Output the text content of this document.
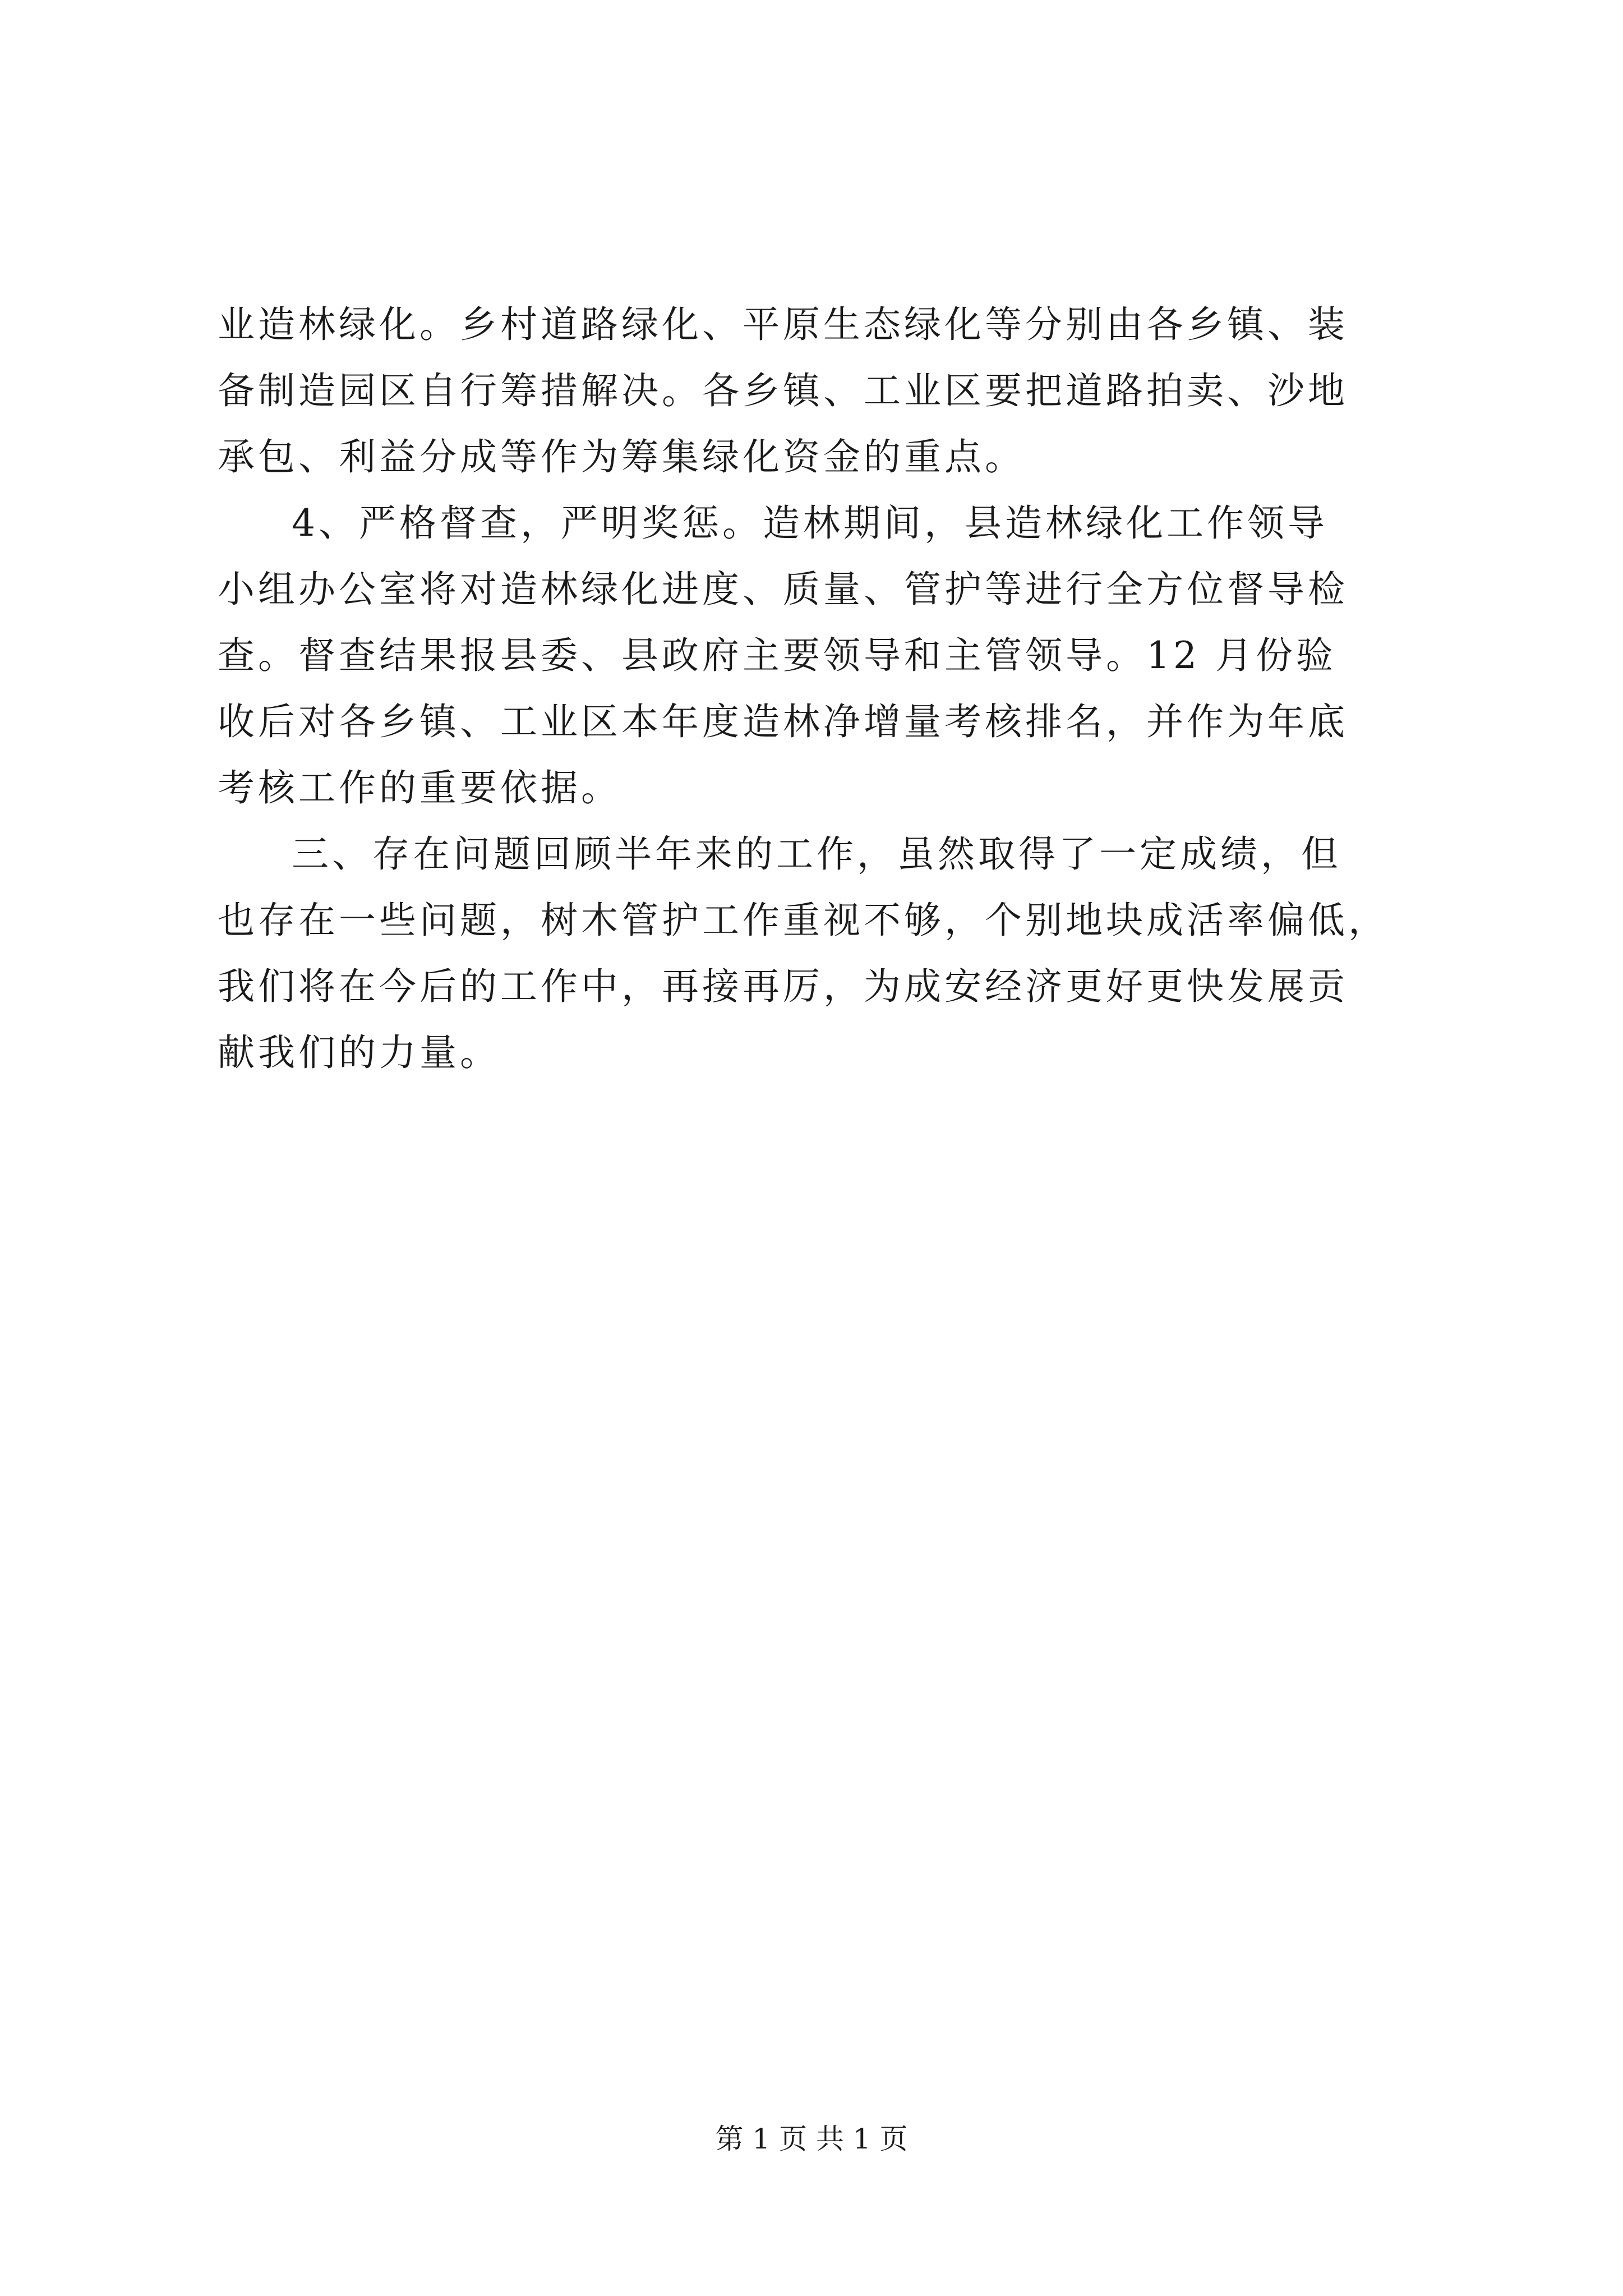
业造林绿化。乡村道路绿化、平原生态绿化等分别由各乡镇、装
备制造园区自行筹措解决。各乡镇、工业区要把道路拍卖、沙地
承包、利益分成等作为筹集绿化资金的重点。
4、严格督查，严明奖惩。造林期间，县造林绿化工作领导
小组办公室将对造林绿化进度、质量、管护等进行全方位督导检
查。督查结果报县委、县政府主要领导和主管领导。12 月份验
收后对各乡镇、工业区本年度造林净增量考核排名，并作为年底
考核工作的重要依据。
三、存在问题回顾半年来的工作，虽然取得了一定成绩，但
也存在一些问题，树木管护工作重视不够，个别地块成活率偏低，
我们将在今后的工作中，再接再厉，为成安经济更好更快发展贡
献我们的力量。
第 1 页 共 1 页
